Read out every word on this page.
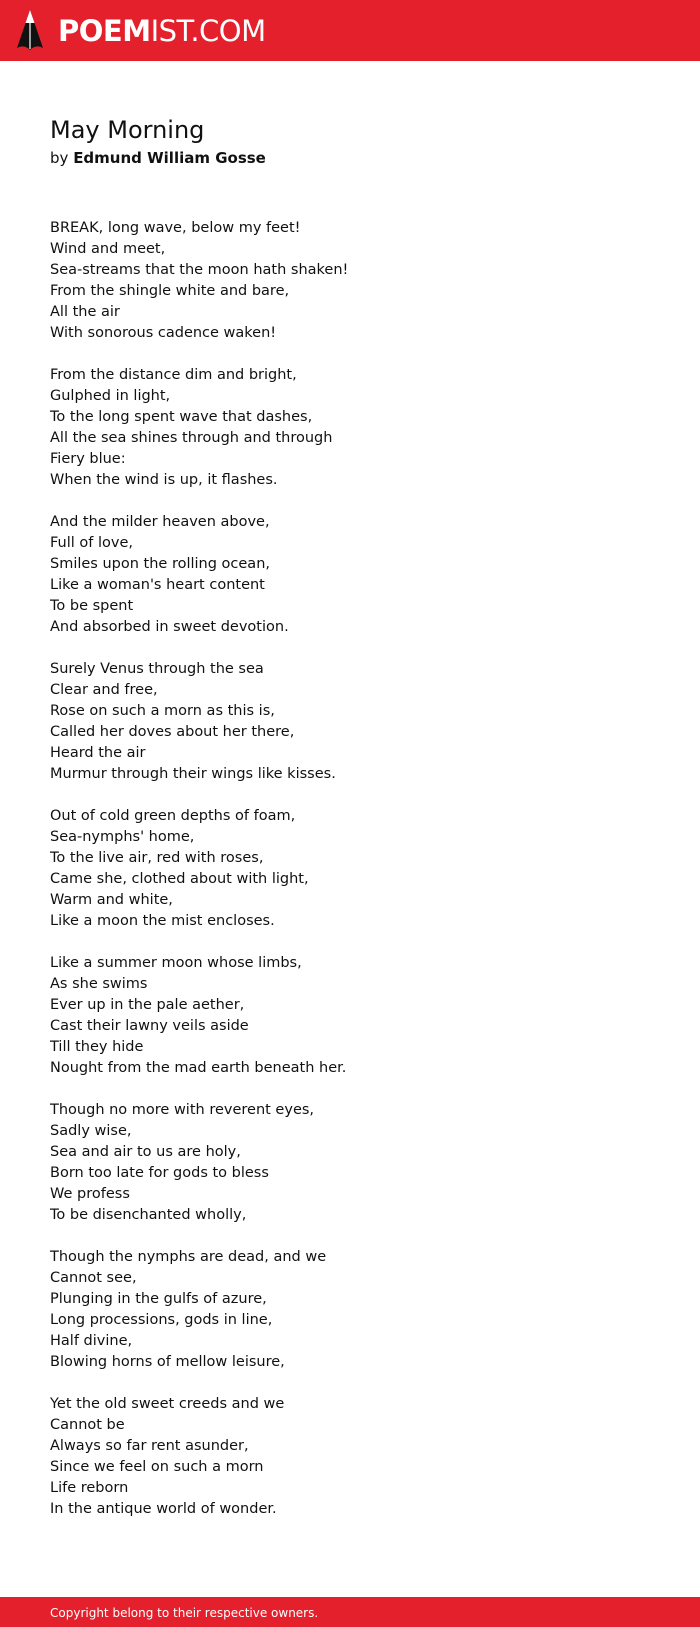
POEMIST.COM
May Morning
by Edmund William Gosse
BREAK, long wave, below my feet!
Wind and meet,
Sea-streams that the moon hath shaken!
From the shingle white and bare,
All the air
With sonorous cadence waken!
From the distance dim and bright,
Gulphed in light,
To the long spent wave that dashes,
All the sea shines through and through
Fiery blue:
When the wind is up, it flashes.
And the milder heaven above,
Full of love,
Smiles upon the rolling ocean,
Like a woman's heart content
To be spent
And absorbed in sweet devotion.
Surely Venus through the sea
Clear and free,
Rose on such a morn as this is,
Called her doves about her there,
Heard the air
Murmur through their wings like kisses.
Out of cold green depths of foam,
Sea-nymphs' home,
To the live air, red with roses,
Came she, clothed about with light,
Warm and white,
Like a moon the mist encloses.
Like a summer moon whose limbs,
As she swims
Ever up in the pale aether,
Cast their lawny veils aside
Till they hide
Nought from the mad earth beneath her.
Though no more with reverent eyes,
Sadly wise,
Sea and air to us are holy,
Born too late for gods to bless
We profess
To be disenchanted wholly,
Though the nymphs are dead, and we
Cannot see,
Plunging in the gulfs of azure,
Long processions, gods in line,
Half divine,
Blowing horns of mellow leisure,
Yet the old sweet creeds and we
Cannot be
Always so far rent asunder,
Since we feel on such a morn
Life reborn
In the antique world of wonder.
Copyright belong to their respective owners.
